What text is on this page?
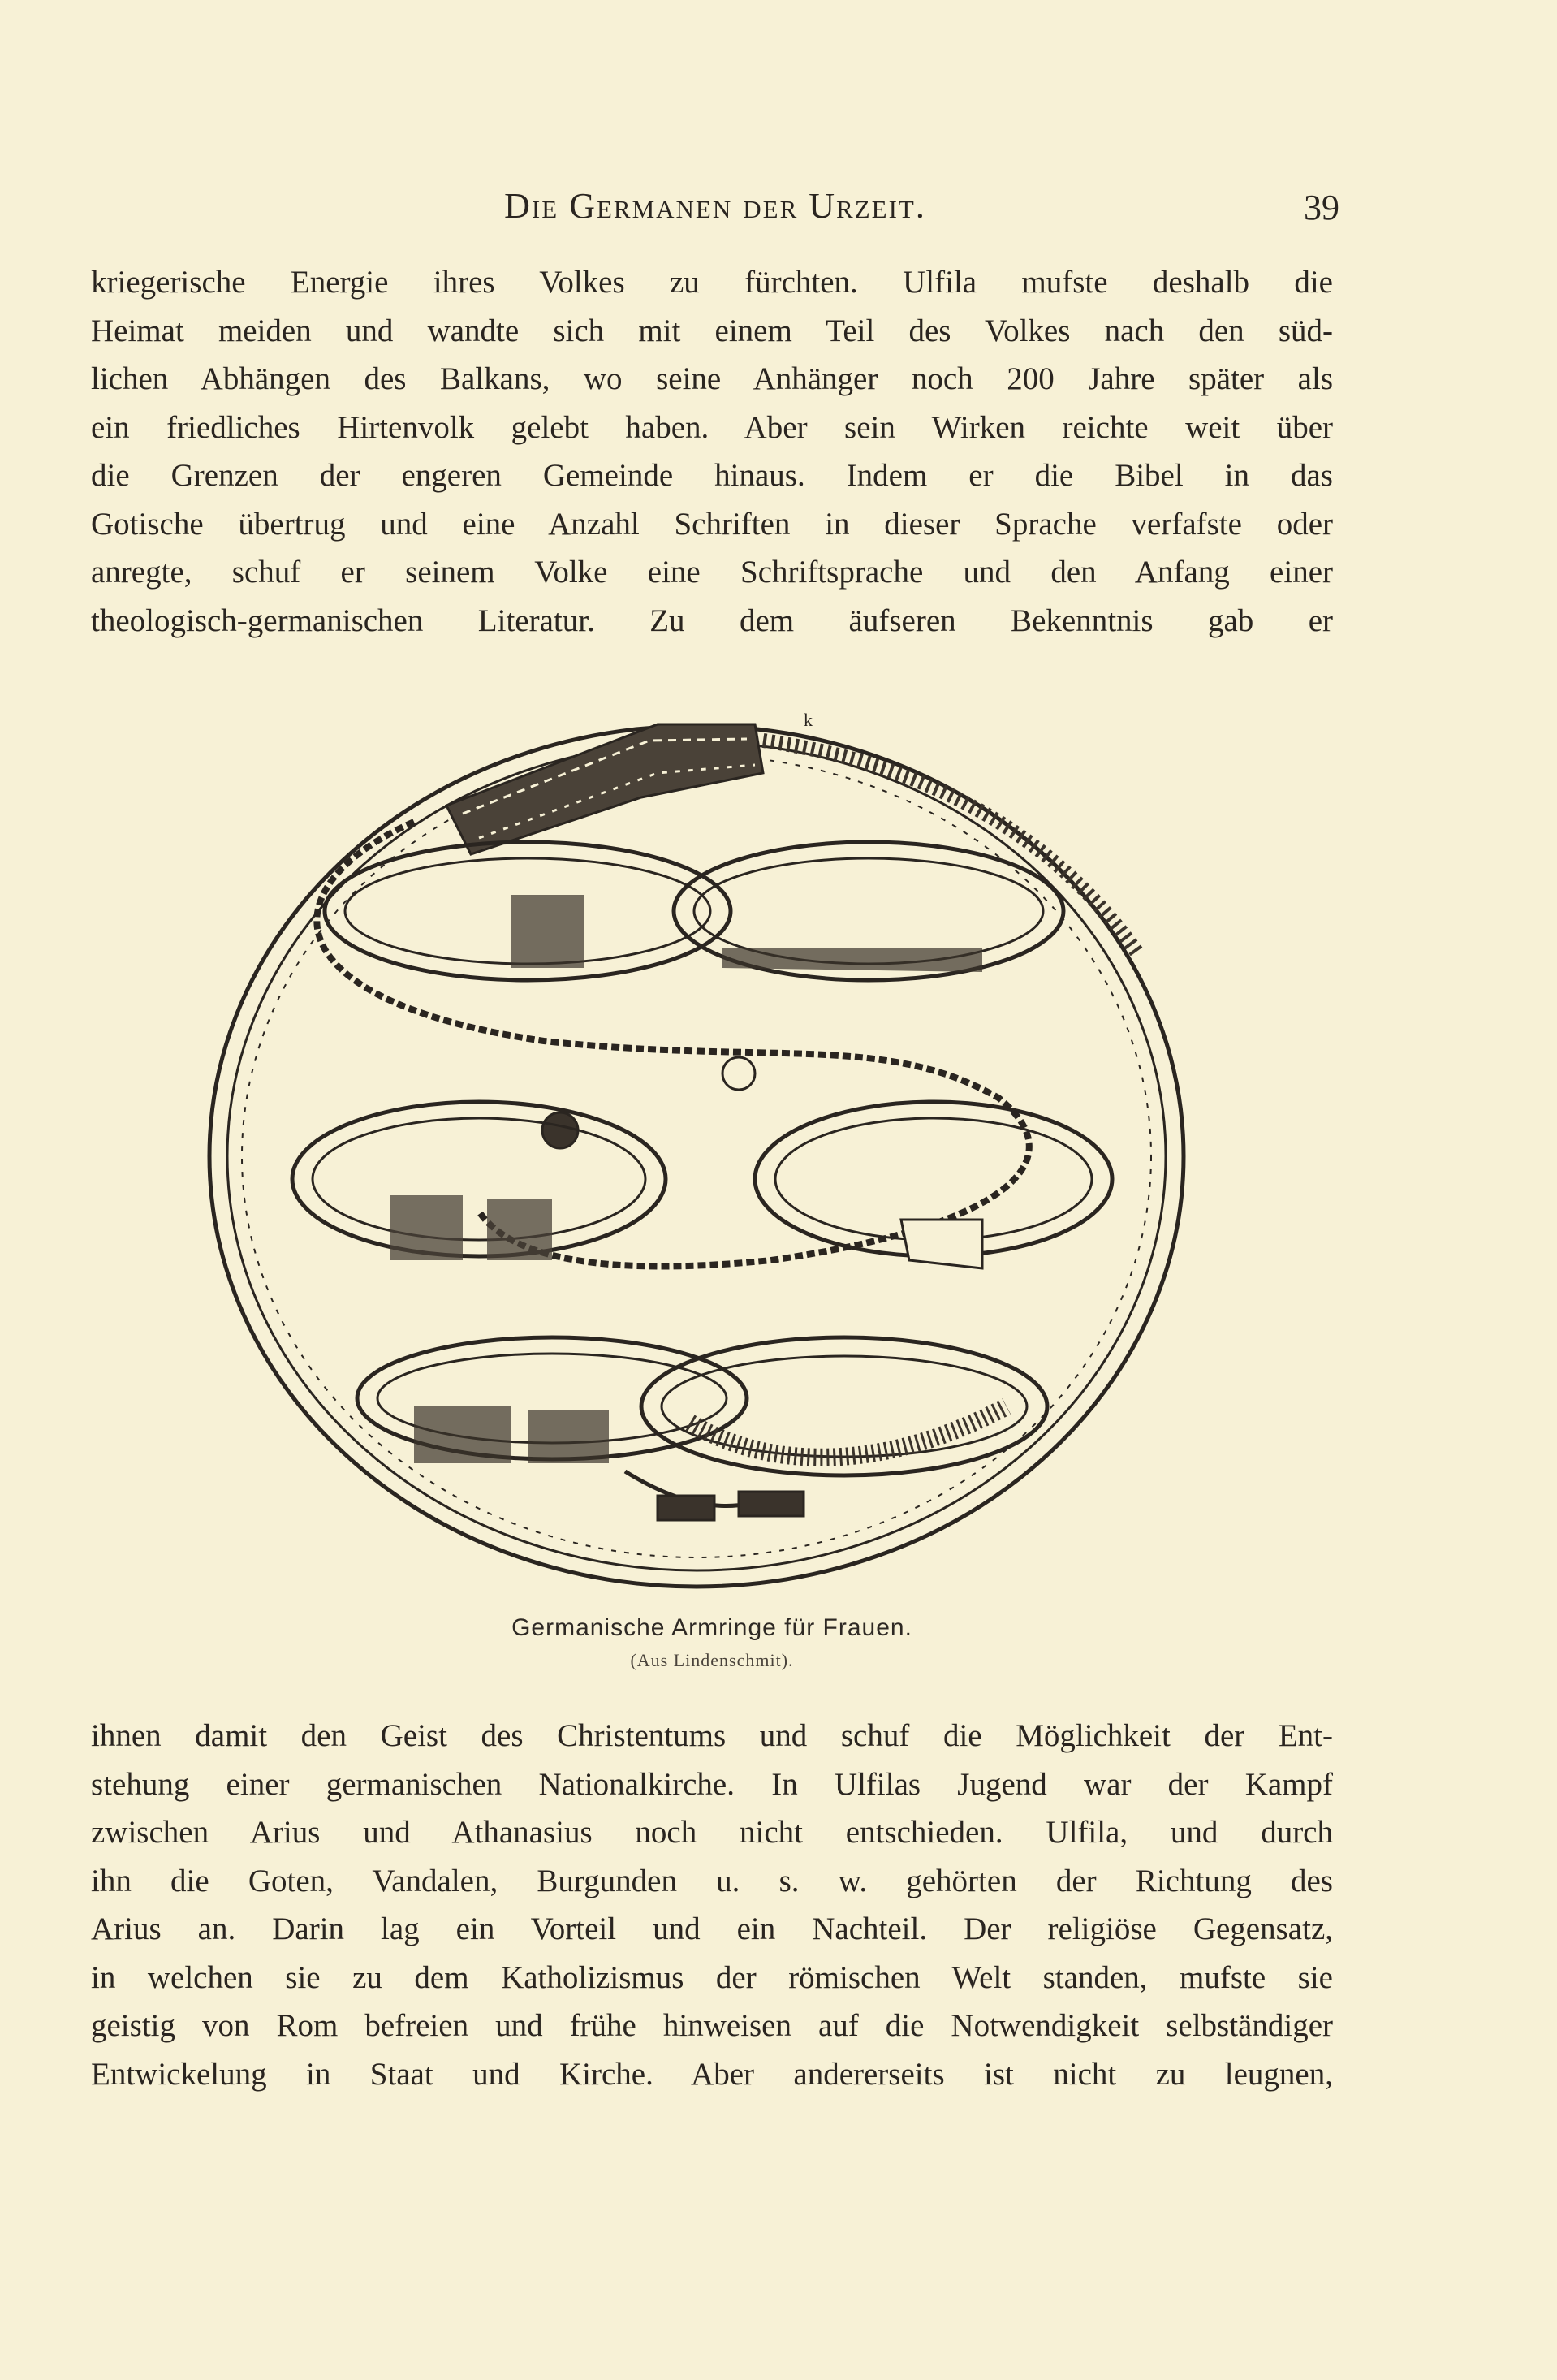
Die Germanen der Urzeit.	39
kriegerische Energie ihres Volkes zu fürchten. Ulfila mufste deshalb die
Heimat meiden und wandte sich mit einem Teil des Volkes nach den süd-
lichen Abhängen des Balkans, wo seine Anhänger noch 200 Jahre später als
ein friedliches Hirtenvolk gelebt haben. Aber sein Wirken reichte weit über
die Grenzen der engeren Gemeinde hinaus. Indem er die Bibel in das
Gotische übertrug und eine Anzahl Schriften in dieser Sprache verfafste oder
anregte, schuf er seinem Volke eine Schriftsprache und den Anfang einer
theologisch-germanischen Literatur. Zu dem äufseren Bekenntnis gab er
k
Germanische Armringe für Frauen.
(Aus Lindenschmit).
ihnen damit den Geist des Christentums und schuf die Möglichkeit der Ent-
stehung einer germanischen Nationalkirche. In Ulfilas Jugend war der Kampf
zwischen Arius und Athanasius noch nicht entschieden. Ulfila, und durch
ihn die Goten, Vandalen, Burgunden u. s. w. gehörten der Richtung des
Arius an. Darin lag ein Vorteil und ein Nachteil. Der religiöse Gegensatz,
in welchen sie zu dem Katholizismus der römischen Welt standen, mufste sie
geistig von Rom befreien und frühe hinweisen auf die Notwendigkeit selbständiger
Entwickelung in Staat und Kirche. Aber andererseits ist nicht zu leugnen,
